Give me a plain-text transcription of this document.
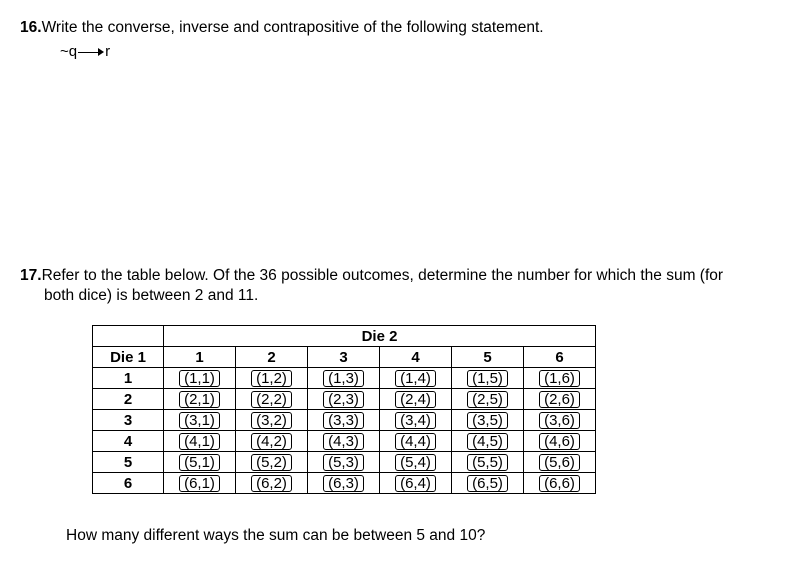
16.Write the converse, inverse and contrapositive of the following statement.
~q r
17.Refer to the table below. Of the 36 possible outcomes, determine the number for which the sum (for
both dice) is between 2 and 11.
	Die 2					
Die 1	1	2	3	4	5	6
1	(1,1)	(1,2)	(1,3)	(1,4)	(1,5)	(1,6)
2	(2,1)	(2,2)	(2,3)	(2,4)	(2,5)	(2,6)
3	(3,1)	(3,2)	(3,3)	(3,4)	(3,5)	(3,6)
4	(4,1)	(4,2)	(4,3)	(4,4)	(4,5)	(4,6)
5	(5,1)	(5,2)	(5,3)	(5,4)	(5,5)	(5,6)
6	(6,1)	(6,2)	(6,3)	(6,4)	(6,5)	(6,6)
How many different ways the sum can be between 5 and 10?
